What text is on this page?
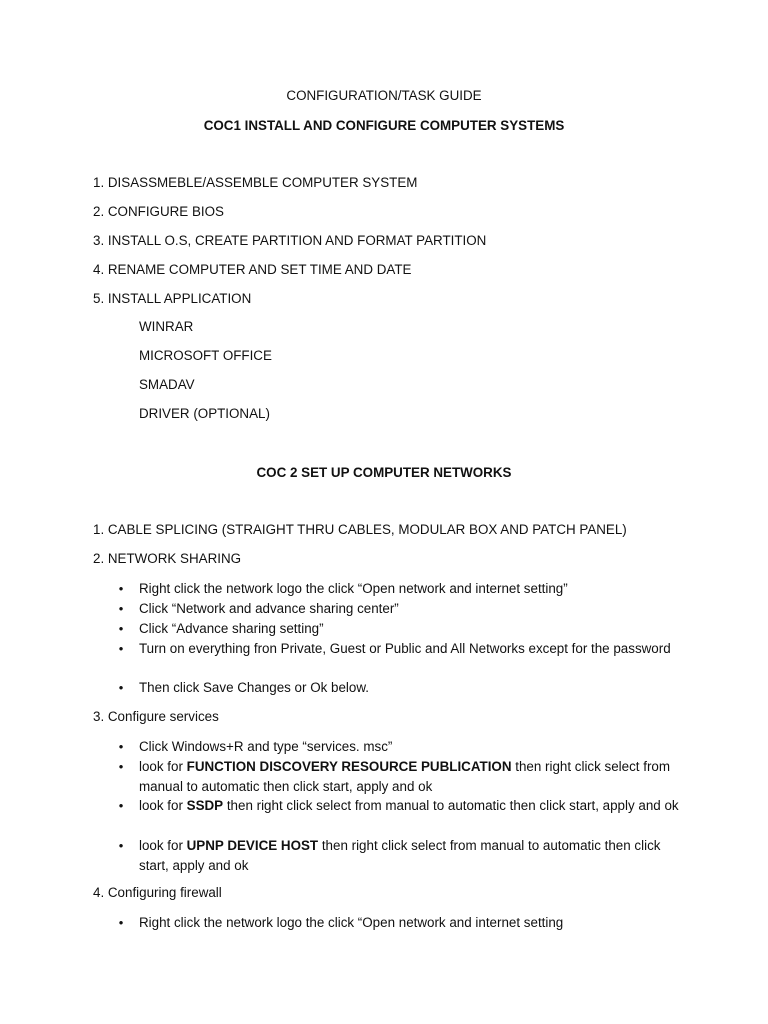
CONFIGURATION/TASK GUIDE
COC1 INSTALL AND CONFIGURE COMPUTER SYSTEMS
1. DISASSMEBLE/ASSEMBLE COMPUTER SYSTEM
2. CONFIGURE BIOS
3. INSTALL O.S, CREATE PARTITION AND FORMAT PARTITION
4. RENAME COMPUTER AND SET TIME AND DATE
5. INSTALL APPLICATION
WINRAR
MICROSOFT OFFICE
SMADAV
DRIVER (OPTIONAL)
COC 2 SET UP COMPUTER NETWORKS
1. CABLE SPLICING (STRAIGHT THRU CABLES, MODULAR BOX AND PATCH PANEL)
2. NETWORK SHARING
•	Right click the network logo the click “Open network and internet setting”
•	Click “Network and advance sharing center”
•	Click “Advance sharing setting”
•	Turn on everything fron Private, Guest or Public and All Networks except for the password
•	Then click Save Changes or Ok below.
3. Configure services
•	Click Windows+R and type “services. msc”
•	look for FUNCTION DISCOVERY RESOURCE PUBLICATION then right click select from manual to automatic then click start, apply and ok
•	look for SSDP then right click select from manual to automatic then click start, apply and ok
•	look for UPNP DEVICE HOST then right click select from manual to automatic then click start, apply and ok
4. Configuring firewall
•	Right click the network logo the click “Open network and internet setting
